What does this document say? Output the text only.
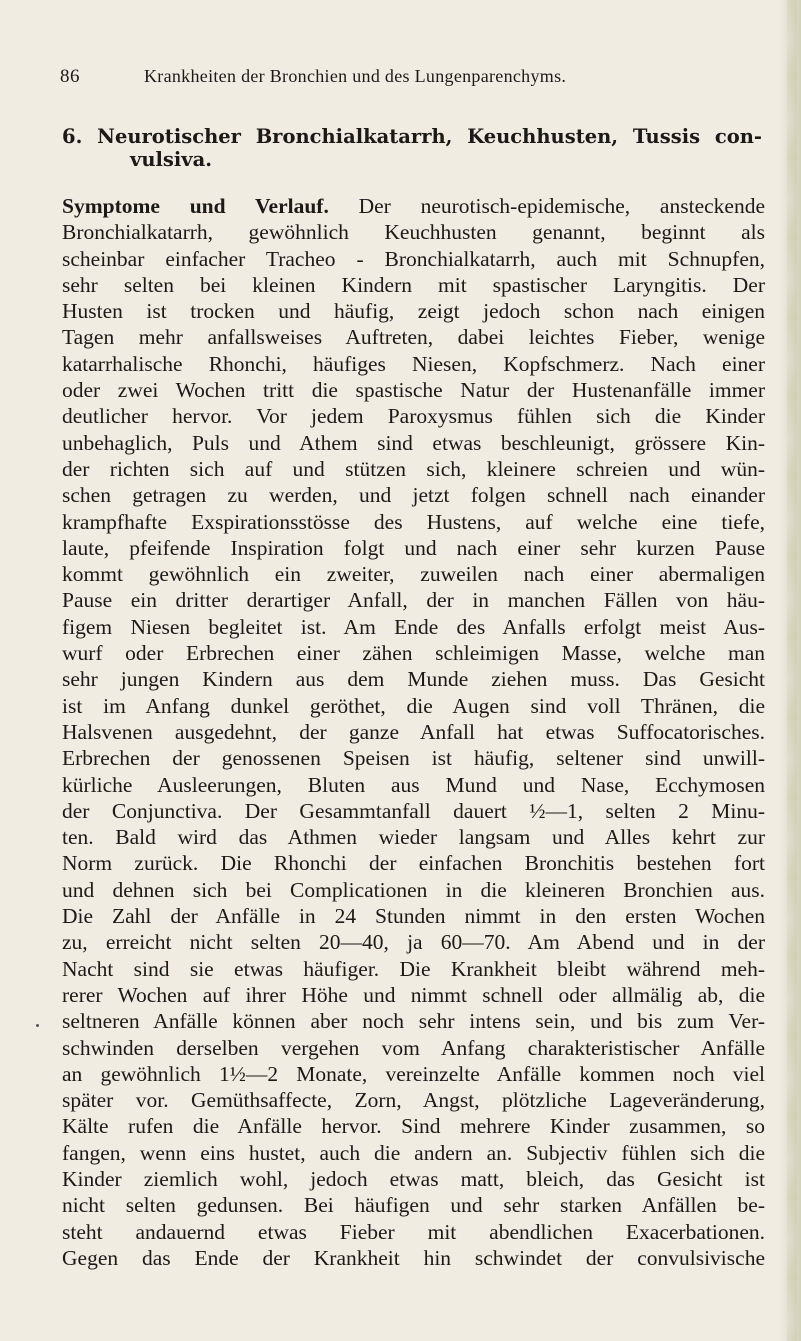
86	Krankheiten der Bronchien und des Lungenparenchyms.
6. Neurotischer Bronchialkatarrh, Keuchhusten, Tussis con-
vulsiva.
Symptome und Verlauf. Der neurotisch-epidemische, ansteckende
Bronchialkatarrh, gewöhnlich Keuchhusten genannt, beginnt als
scheinbar einfacher Tracheo - Bronchialkatarrh, auch mit Schnupfen,
sehr selten bei kleinen Kindern mit spastischer Laryngitis. Der
Husten ist trocken und häufig, zeigt jedoch schon nach einigen
Tagen mehr anfallsweises Auftreten, dabei leichtes Fieber, wenige
katarrhalische Rhonchi, häufiges Niesen, Kopfschmerz. Nach einer
oder zwei Wochen tritt die spastische Natur der Hustenanfälle immer
deutlicher hervor. Vor jedem Paroxysmus fühlen sich die Kinder
unbehaglich, Puls und Athem sind etwas beschleunigt, grössere Kin-
der richten sich auf und stützen sich, kleinere schreien und wün-
schen getragen zu werden, und jetzt folgen schnell nach einander
krampfhafte Exspirationsstösse des Hustens, auf welche eine tiefe,
laute, pfeifende Inspiration folgt und nach einer sehr kurzen Pause
kommt gewöhnlich ein zweiter, zuweilen nach einer abermaligen
Pause ein dritter derartiger Anfall, der in manchen Fällen von häu-
figem Niesen begleitet ist. Am Ende des Anfalls erfolgt meist Aus-
wurf oder Erbrechen einer zähen schleimigen Masse, welche man
sehr jungen Kindern aus dem Munde ziehen muss. Das Gesicht
ist im Anfang dunkel geröthet, die Augen sind voll Thränen, die
Halsvenen ausgedehnt, der ganze Anfall hat etwas Suffocatorisches.
Erbrechen der genossenen Speisen ist häufig, seltener sind unwill-
kürliche Ausleerungen, Bluten aus Mund und Nase, Ecchymosen
der Conjunctiva. Der Gesammtanfall dauert ½—1, selten 2 Minu-
ten. Bald wird das Athmen wieder langsam und Alles kehrt zur
Norm zurück. Die Rhonchi der einfachen Bronchitis bestehen fort
und dehnen sich bei Complicationen in die kleineren Bronchien aus.
Die Zahl der Anfälle in 24 Stunden nimmt in den ersten Wochen
zu, erreicht nicht selten 20—40, ja 60—70. Am Abend und in der
Nacht sind sie etwas häufiger. Die Krankheit bleibt während meh-
rerer Wochen auf ihrer Höhe und nimmt schnell oder allmälig ab, die
seltneren Anfälle können aber noch sehr intens sein, und bis zum Ver-
schwinden derselben vergehen vom Anfang charakteristischer Anfälle
an gewöhnlich 1½—2 Monate, vereinzelte Anfälle kommen noch viel
später vor. Gemüthsaffecte, Zorn, Angst, plötzliche Lageveränderung,
Kälte rufen die Anfälle hervor. Sind mehrere Kinder zusammen, so
fangen, wenn eins hustet, auch die andern an. Subjectiv fühlen sich die
Kinder ziemlich wohl, jedoch etwas matt, bleich, das Gesicht ist
nicht selten gedunsen. Bei häufigen und sehr starken Anfällen be-
steht andauernd etwas Fieber mit abendlichen Exacerbationen.
Gegen das Ende der Krankheit hin schwindet der convulsivische
